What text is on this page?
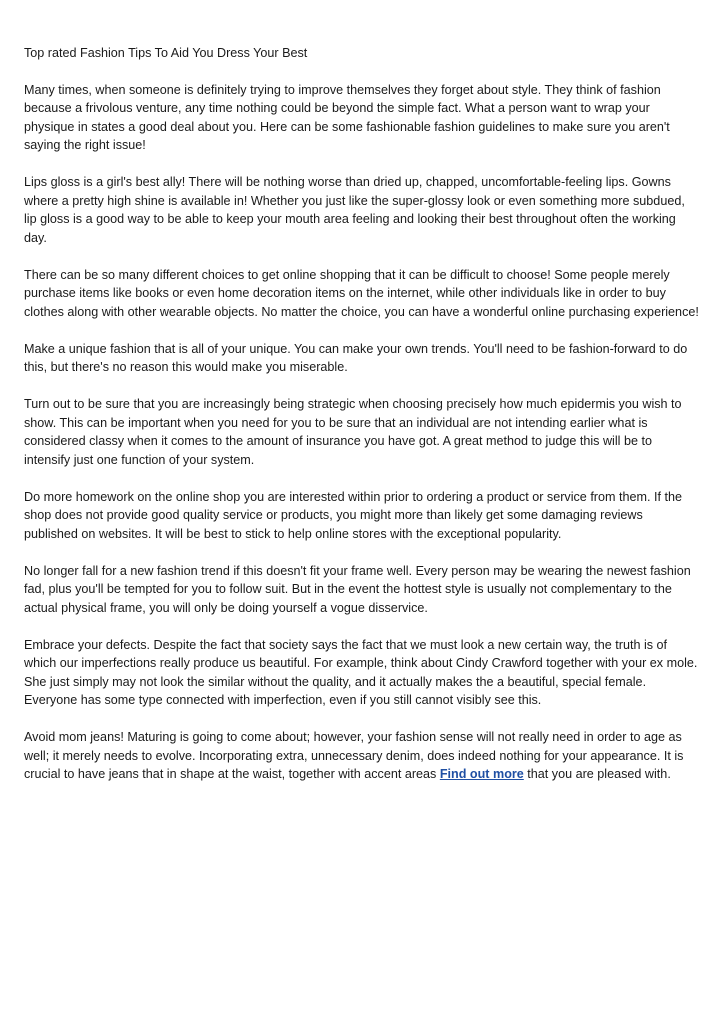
Top rated Fashion Tips To Aid You Dress Your Best

Many times, when someone is definitely trying to improve themselves they forget about style. They think of fashion because a frivolous venture, any time nothing could be beyond the simple fact. What a person want to wrap your physique in states a good deal about you. Here can be some fashionable fashion guidelines to make sure you aren't saying the right issue!

Lips gloss is a girl's best ally! There will be nothing worse than dried up, chapped, uncomfortable-feeling lips. Gowns where a pretty high shine is available in! Whether you just like the super-glossy look or even something more subdued, lip gloss is a good way to be able to keep your mouth area feeling and looking their best throughout often the working day.

There can be so many different choices to get online shopping that it can be difficult to choose! Some people merely purchase items like books or even home decoration items on the internet, while other individuals like in order to buy clothes along with other wearable objects. No matter the choice, you can have a wonderful online purchasing experience!

Make a unique fashion that is all of your unique. You can make your own trends. You'll need to be fashion-forward to do this, but there's no reason this would make you miserable.

Turn out to be sure that you are increasingly being strategic when choosing precisely how much epidermis you wish to show. This can be important when you need for you to be sure that an individual are not intending earlier what is considered classy when it comes to the amount of insurance you have got. A great method to judge this will be to intensify just one function of your system.

Do more homework on the online shop you are interested within prior to ordering a product or service from them. If the shop does not provide good quality service or products, you might more than likely get some damaging reviews published on websites. It will be best to stick to help online stores with the exceptional popularity.

No longer fall for a new fashion trend if this doesn't fit your frame well. Every person may be wearing the newest fashion fad, plus you'll be tempted for you to follow suit. But in the event the hottest style is usually not complementary to the actual physical frame, you will only be doing yourself a vogue disservice.

Embrace your defects. Despite the fact that society says the fact that we must look a new certain way, the truth is of which our imperfections really produce us beautiful. For example, think about Cindy Crawford together with your ex mole. She just simply may not look the similar without the quality, and it actually makes the a beautiful, special female. Everyone has some type connected with imperfection, even if you still cannot visibly see this.

Avoid mom jeans! Maturing is going to come about; however, your fashion sense will not really need in order to age as well; it merely needs to evolve. Incorporating extra, unnecessary denim, does indeed nothing for your appearance. It is crucial to have jeans that in shape at the waist, together with accent areas Find out more that you are pleased with.
